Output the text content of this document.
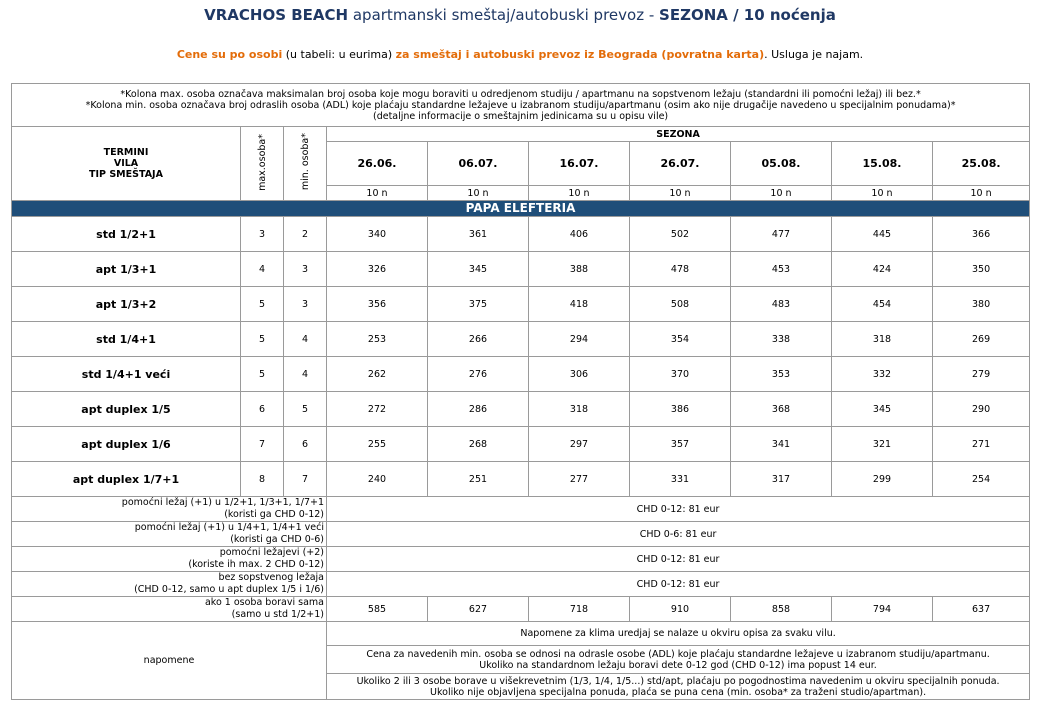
VRACHOS BEACH apartmanski smeštaj/autobuski prevoz - SEZONA / 10 noćenja
Cene su po osobi (u tabeli: u eurima) za smeštaj i autobuski prevoz iz Beograda (povratna karta). Usluga je najam.
*Kolona max. osoba označava maksimalan broj osoba koje mogu boraviti u odredjenom studiju / apartmanu na sopstvenom ležaju (standardni ili pomoćni ležaj) ili bez.*
*Kolona min. osoba označava broj odraslih osoba (ADL) koje plaćaju standardne ležajeve u izabranom studiju/apartmanu (osim ako nije drugačije navedeno u specijalnim ponudama)*
(detaljne informacije o smeštajnim jedinicama su u opisu vile)									

TERMINI
VILA
TIP SMEŠTAJA	max.osoba*	min. osoba*	SEZONA						
			26.06.	06.07.	16.07.	26.07.	05.08.	15.08.	25.08.
			10 n	10 n	10 n	10 n	10 n	10 n	10 n
PAPA ELEFTERIA									
std 1/2+1	3	2	340	361	406	502	477	445	366
apt 1/3+1	4	3	326	345	388	478	453	424	350
apt 1/3+2	5	3	356	375	418	508	483	454	380
std 1/4+1	5	4	253	266	294	354	338	318	269
std 1/4+1 veći	5	4	262	276	306	370	353	332	279
apt duplex 1/5	6	5	272	286	318	386	368	345	290
apt duplex 1/6	7	6	255	268	297	357	341	321	271
apt duplex 1/7+1	8	7	240	251	277	331	317	299	254

pomoćni ležaj (+1) u 1/2+1, 1/3+1, 1/7+1
(koristi ga CHD 0-12)			CHD 0-12: 81 eur						

pomoćni ležaj (+1) u 1/4+1, 1/4+1 veći
(koristi ga CHD 0-6)			CHD 0-6: 81 eur						

pomoćni ležajevi (+2)
(koriste ih max. 2 CHD 0-12)			CHD 0-12: 81 eur						

bez sopstvenog ležaja
(CHD 0-12, samo u apt duplex 1/5 i 1/6)			CHD 0-12: 81 eur						

ako 1 osoba boravi sama
(samo u std 1/2+1)			585	627	718	910	858	794	637
napomene			Napomene za klima uredjaj se nalaze u okviru opisa za svaku vilu.						

			Cena za navedenih min. osoba se odnosi na odrasle osobe (ADL) koje plaćaju standardne ležajeve u izabranom studiju/apartmanu.
Ukoliko na standardnom ležaju boravi dete 0-12 god (CHD 0-12) ima popust 14 eur.						

			Ukoliko 2 ili 3 osobe borave u višekrevetnim (1/3, 1/4, 1/5...) std/apt, plaćaju po pogodnostima navedenim u okviru specijalnih ponuda.
Ukoliko nije objavljena specijalna ponuda, plaća se puna cena (min. osoba* za traženi studio/apartman).						
